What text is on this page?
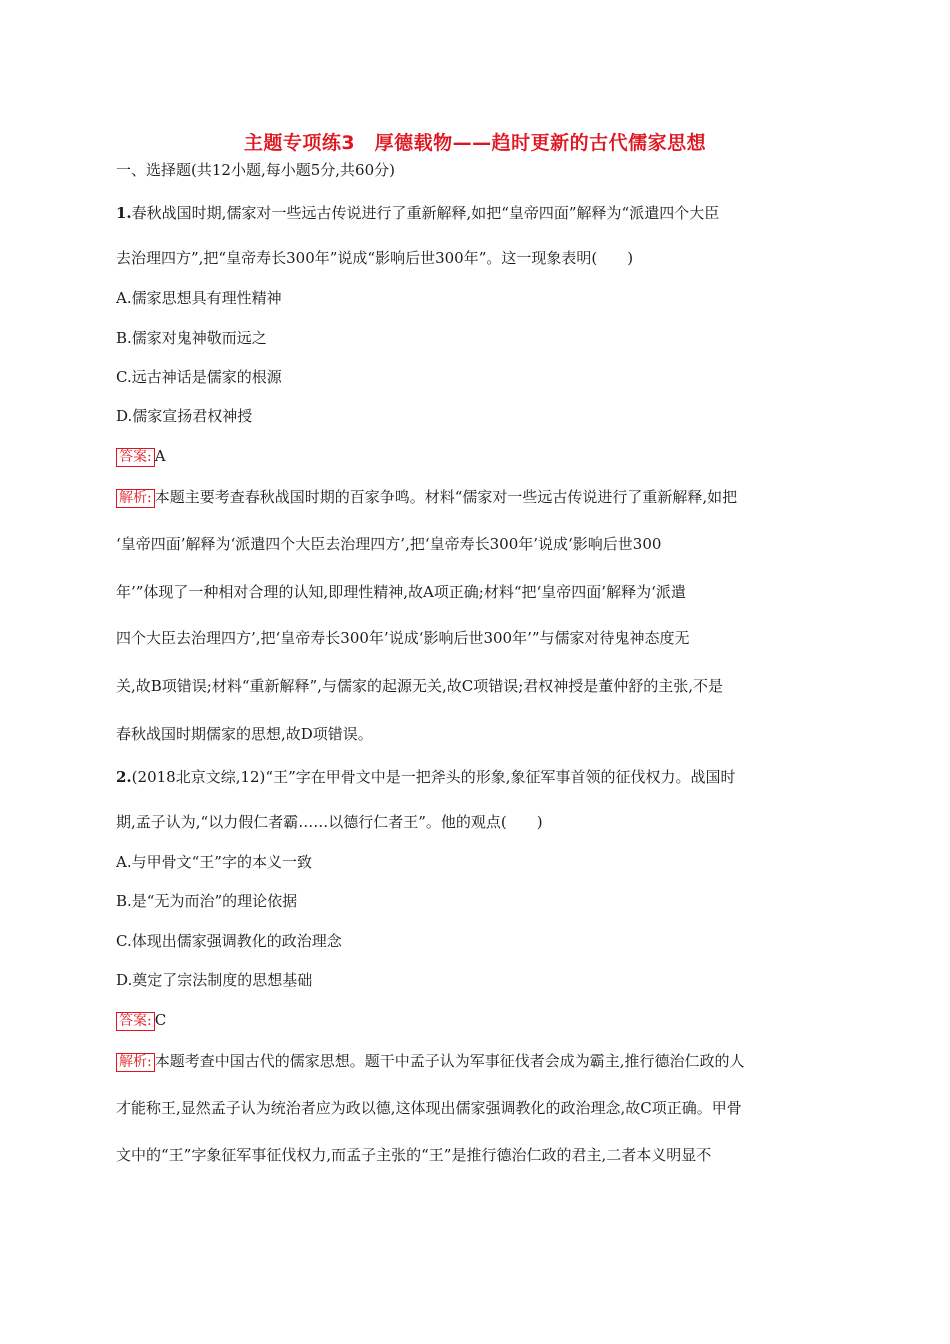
主题专项练3　厚德载物——趋时更新的古代儒家思想
一、选择题(共12小题,每小题5分,共60分)
1.春秋战国时期,儒家对一些远古传说进行了重新解释,如把“皇帝四面”解释为“派遣四个大臣
去治理四方”,把“皇帝寿长300年”说成“影响后世300年”。这一现象表明(　　)
A.儒家思想具有理性精神
B.儒家对鬼神敬而远之
C.远古神话是儒家的根源
D.儒家宣扬君权神授
答案: A
解析: 本题主要考查春秋战国时期的百家争鸣。材料“儒家对一些远古传说进行了重新解释,如把
‘皇帝四面’解释为‘派遣四个大臣去治理四方’,把‘皇帝寿长300年’说成‘影响后世300
年’”体现了一种相对合理的认知,即理性精神,故A项正确;材料“把‘皇帝四面’解释为‘派遣
四个大臣去治理四方’,把‘皇帝寿长300年’说成‘影响后世300年’”与儒家对待鬼神态度无
关,故B项错误;材料“重新解释”,与儒家的起源无关,故C项错误;君权神授是董仲舒的主张,不是
春秋战国时期儒家的思想,故D项错误。
2.(2018北京文综,12)“王”字在甲骨文中是一把斧头的形象,象征军事首领的征伐权力。战国时
期,孟子认为,“以力假仁者霸……以德行仁者王”。他的观点(　　)
A.与甲骨文“王”字的本义一致
B.是“无为而治”的理论依据
C.体现出儒家强调教化的政治理念
D.奠定了宗法制度的思想基础
答案: C
解析: 本题考查中国古代的儒家思想。题干中孟子认为军事征伐者会成为霸主,推行德治仁政的人
才能称王,显然孟子认为统治者应为政以德,这体现出儒家强调教化的政治理念,故C项正确。甲骨
文中的“王”字象征军事征伐权力,而孟子主张的“王”是推行德治仁政的君主,二者本义明显不
